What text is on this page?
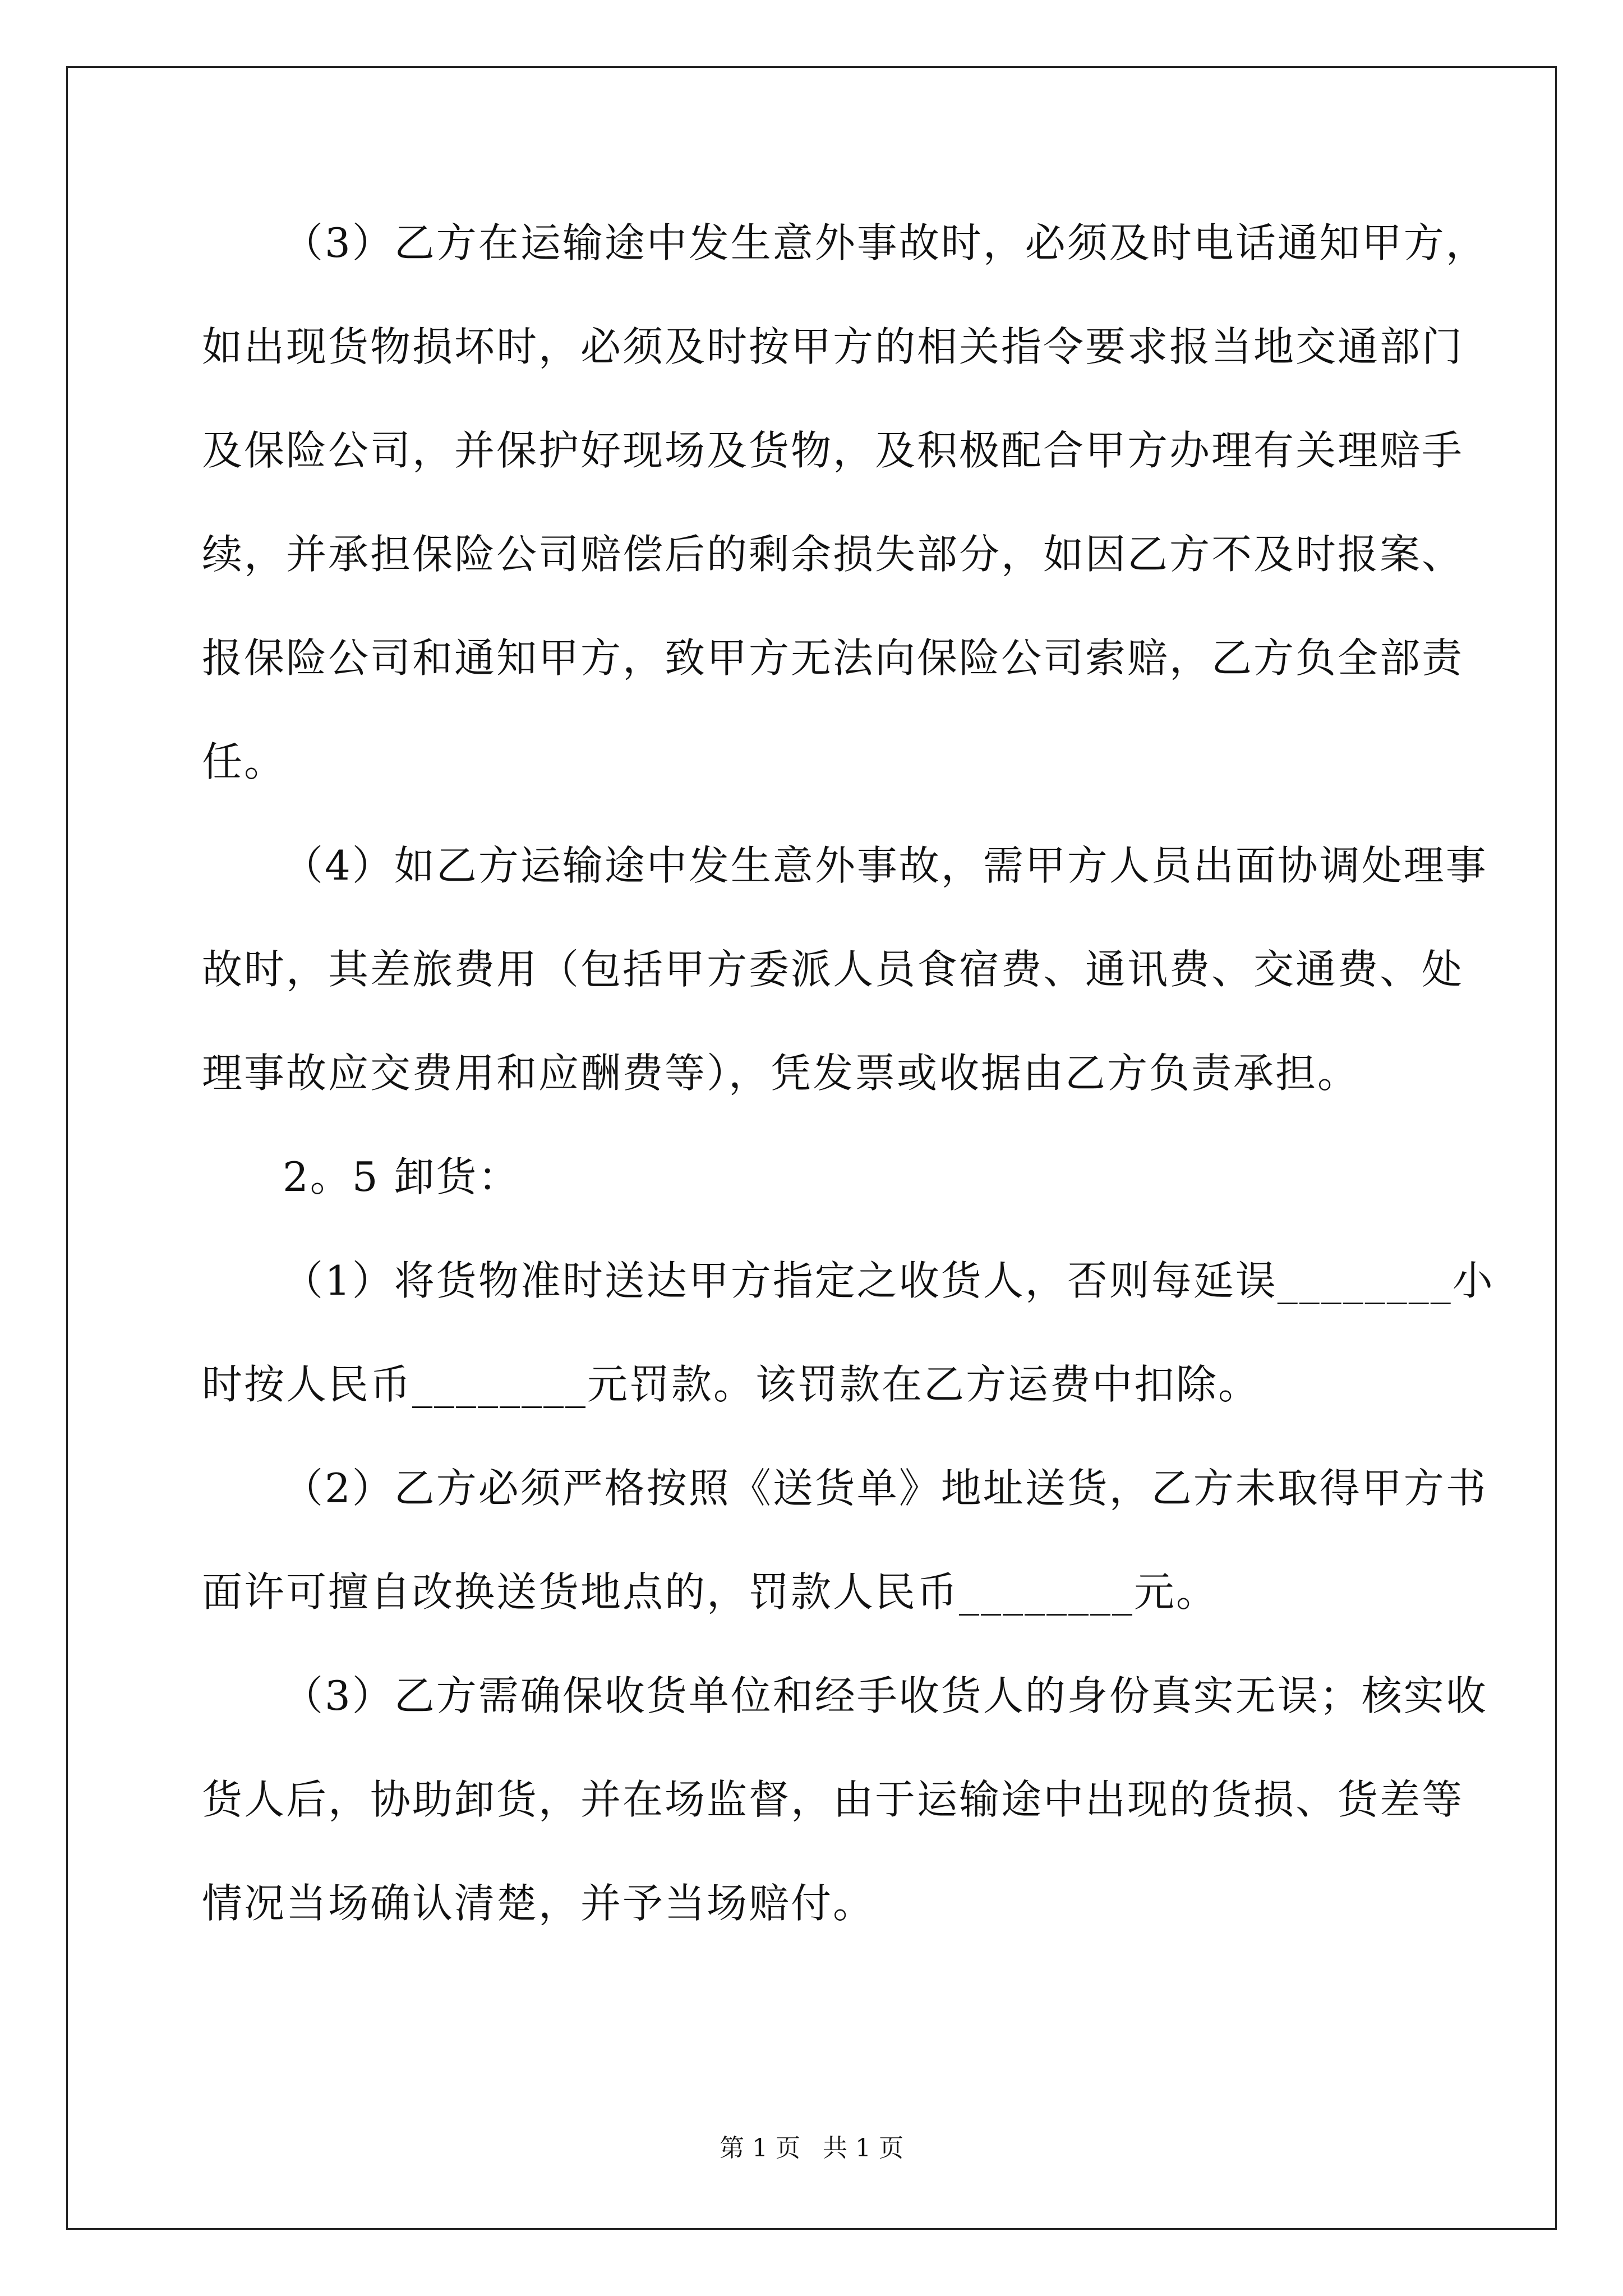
（3）乙方在运输途中发生意外事故时，必须及时电话通知甲方，
如出现货物损坏时，必须及时按甲方的相关指令要求报当地交通部门
及保险公司，并保护好现场及货物，及积极配合甲方办理有关理赔手
续，并承担保险公司赔偿后的剩余损失部分，如因乙方不及时报案、
报保险公司和通知甲方，致甲方无法向保险公司索赔，乙方负全部责
任。
（4）如乙方运输途中发生意外事故，需甲方人员出面协调处理事
故时，其差旅费用（包括甲方委派人员食宿费、通讯费、交通费、处
理事故应交费用和应酬费等），凭发票或收据由乙方负责承担。
2。5 卸货：
（1）将货物准时送达甲方指定之收货人，否则每延误________小
时按人民币________元罚款。该罚款在乙方运费中扣除。
（2）乙方必须严格按照《送货单》地址送货，乙方未取得甲方书
面许可擅自改换送货地点的，罚款人民币________元。
（3）乙方需确保收货单位和经手收货人的身份真实无误；核实收
货人后，协助卸货，并在场监督，由于运输途中出现的货损、货差等
情况当场确认清楚，并予当场赔付。
第 1 页 共 1 页
